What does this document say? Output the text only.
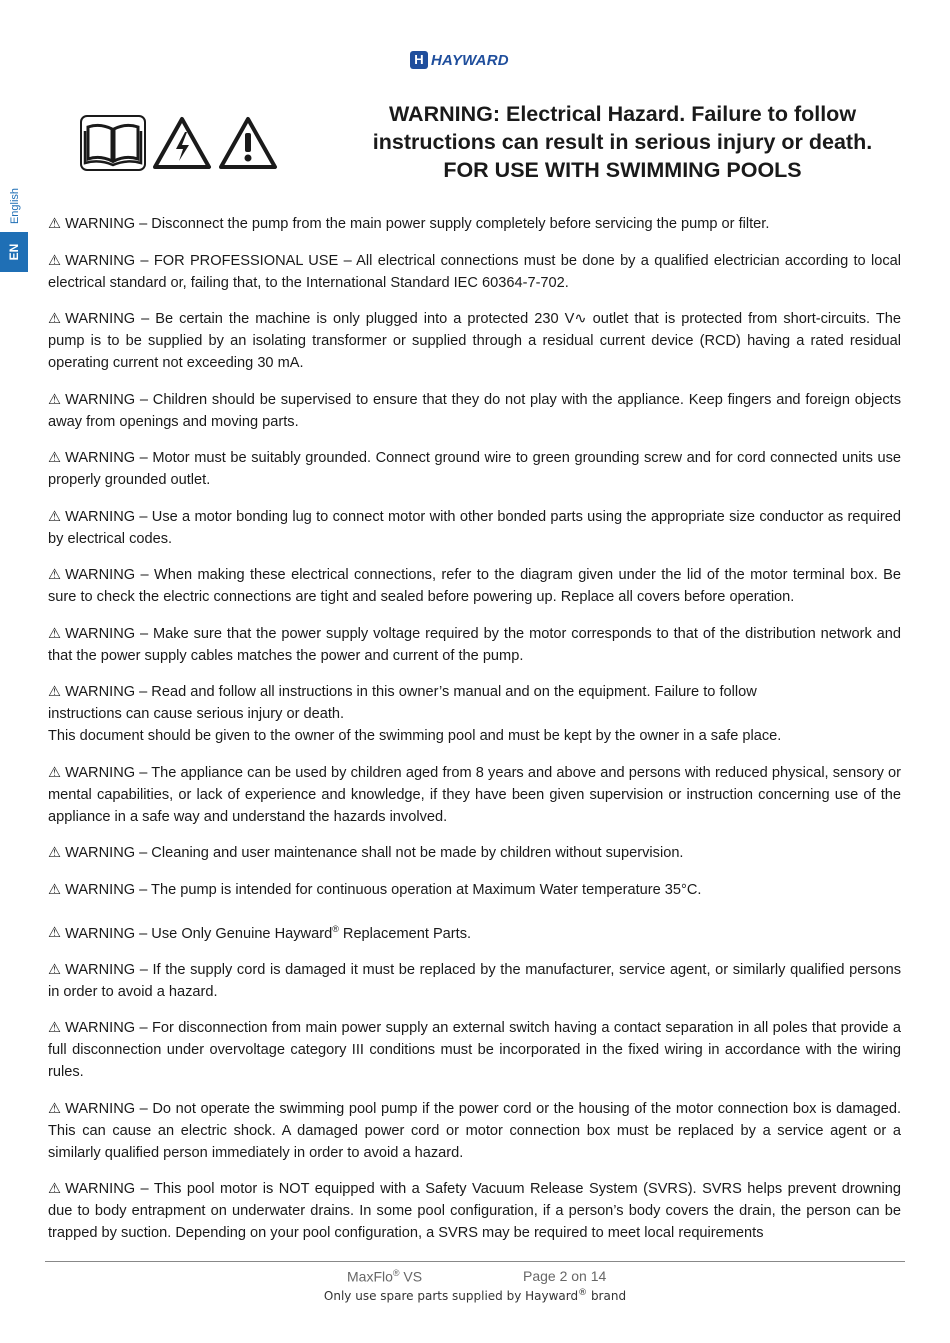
H HAYWARD
English
EN
WARNING: Electrical Hazard. Failure to follow
instructions can result in serious injury or death.
FOR USE WITH SWIMMING POOLS
⚠ WARNING – Disconnect the pump from the main power supply completely before servicing the pump or filter.
⚠ WARNING – FOR PROFESSIONAL USE – All electrical connections must be done by a qualified electrician according to local electrical standard or, failing that, to the International Standard IEC 60364-7-702.
⚠ WARNING – Be certain the machine is only plugged into a protected 230 V∿ outlet that is protected from short-circuits. The pump is to be supplied by an isolating transformer or supplied through a residual current device (RCD) having a rated residual operating current not exceeding 30 mA.
⚠ WARNING – Children should be supervised to ensure that they do not play with the appliance. Keep fingers and foreign objects away from openings and moving parts.
⚠ WARNING – Motor must be suitably grounded. Connect ground wire to green grounding screw and for cord connected units use properly grounded outlet.
⚠ WARNING – Use a motor bonding lug to connect motor with other bonded parts using the appropriate size conductor as required by electrical codes.
⚠ WARNING – When making these electrical connections, refer to the diagram given under the lid of the motor terminal box. Be sure to check the electric connections are tight and sealed before powering up. Replace all covers before operation.
⚠ WARNING – Make sure that the power supply voltage required by the motor corresponds to that of the distribution network and that the power supply cables matches the power and current of the pump.
⚠ WARNING – Read and follow all instructions in this owner’s manual and on the equipment. Failure to follow
instructions can cause serious injury or death.
This document should be given to the owner of the swimming pool and must be kept by the owner in a safe place.
⚠ WARNING – The appliance can be used by children aged from 8 years and above and persons with reduced physical, sensory or mental capabilities, or lack of experience and knowledge, if they have been given supervision or instruction concerning use of the appliance in a safe way and understand the hazards involved.
⚠ WARNING – Cleaning and user maintenance shall not be made by children without supervision.
⚠ WARNING – The pump is intended for continuous operation at Maximum Water temperature 35°C.
⚠ WARNING – Use Only Genuine Hayward® Replacement Parts.
⚠ WARNING – If the supply cord is damaged it must be replaced by the manufacturer, service agent, or similarly qualified persons in order to avoid a hazard.
⚠ WARNING – For disconnection from main power supply an external switch having a contact separation in all poles that provide a full disconnection under overvoltage category III conditions must be incorporated in the fixed wiring in accordance with the wiring rules.
⚠ WARNING – Do not operate the swimming pool pump if the power cord or the housing of the motor connection box is damaged. This can cause an electric shock. A damaged power cord or motor connection box must be replaced by a service agent or a similarly qualified person immediately in order to avoid a hazard.
⚠ WARNING – This pool motor is NOT equipped with a Safety Vacuum Release System (SVRS). SVRS helps prevent drowning due to body entrapment on underwater drains. In some pool configuration, if a person’s body covers the drain, the person can be trapped by suction. Depending on your pool configuration, a SVRS may be required to meet local requirements
MaxFlo® VS	Page 2 on 14
Only use spare parts supplied by Hayward® brand
